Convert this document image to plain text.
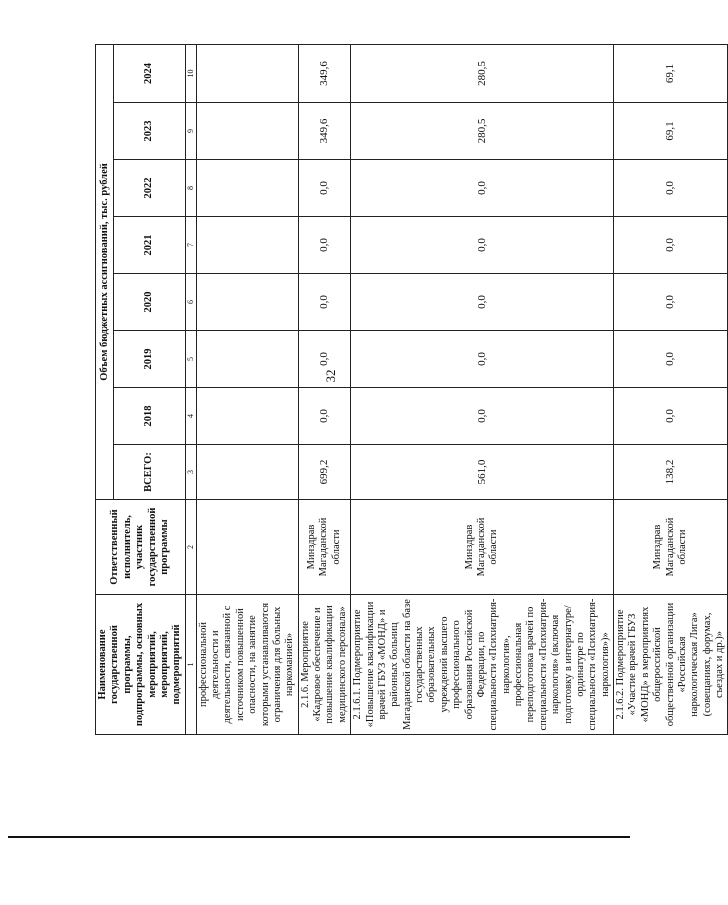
32
Наименование государственной программы, подпрограммы, основных мероприятий, мероприятий, подмероприятий	Ответственный исполнитель, участник государственной программы	Объем бюджетных ассигнований, тыс. рублей							
		ВСЕГО:	2018	2019	2020	2021	2022	2023	2024
1	2	3	4	5	6	7	8	9	10
профессиональной деятельности и деятельности, связанной с источником повышенной опасности, на занятие которыми устанавливаются ограничения для больных наркоманией»									
2.1.6. Мероприятие «Кадровое обеспечение и повышение квалификации медицинского персонала»	Минздрав Магаданской области	699,2	0,0	0,0	0,0	0,0	0,0	349,6	349,6
2.1.6.1. Подмероприятие «Повышение квалификации врачей ГБУЗ «МОНД» и районных больниц Магаданской области на базе государственных образовательных учреждений высшего профессионального образования Российской Федерации, по специальности «Психиатрия-наркология», профессиональная переподготовка врачей по специальности «Психиатрия-наркология» (включая подготовку в интернатуре/ ординатуре по специальности «Психиатрия-наркология»)»	Минздрав Магаданской области	561,0	0,0	0,0	0,0	0,0	0,0	280,5	280,5
2.1.6.2. Подмероприятие «Участие врачей ГБУЗ «МОНД» в мероприятиях общероссийской общественной организации «Российская наркологическая Лига» (совещаниях, форумах, съездах и др.)»	Минздрав Магаданской области	138,2	0,0	0,0	0,0	0,0	0,0	69,1	69,1
